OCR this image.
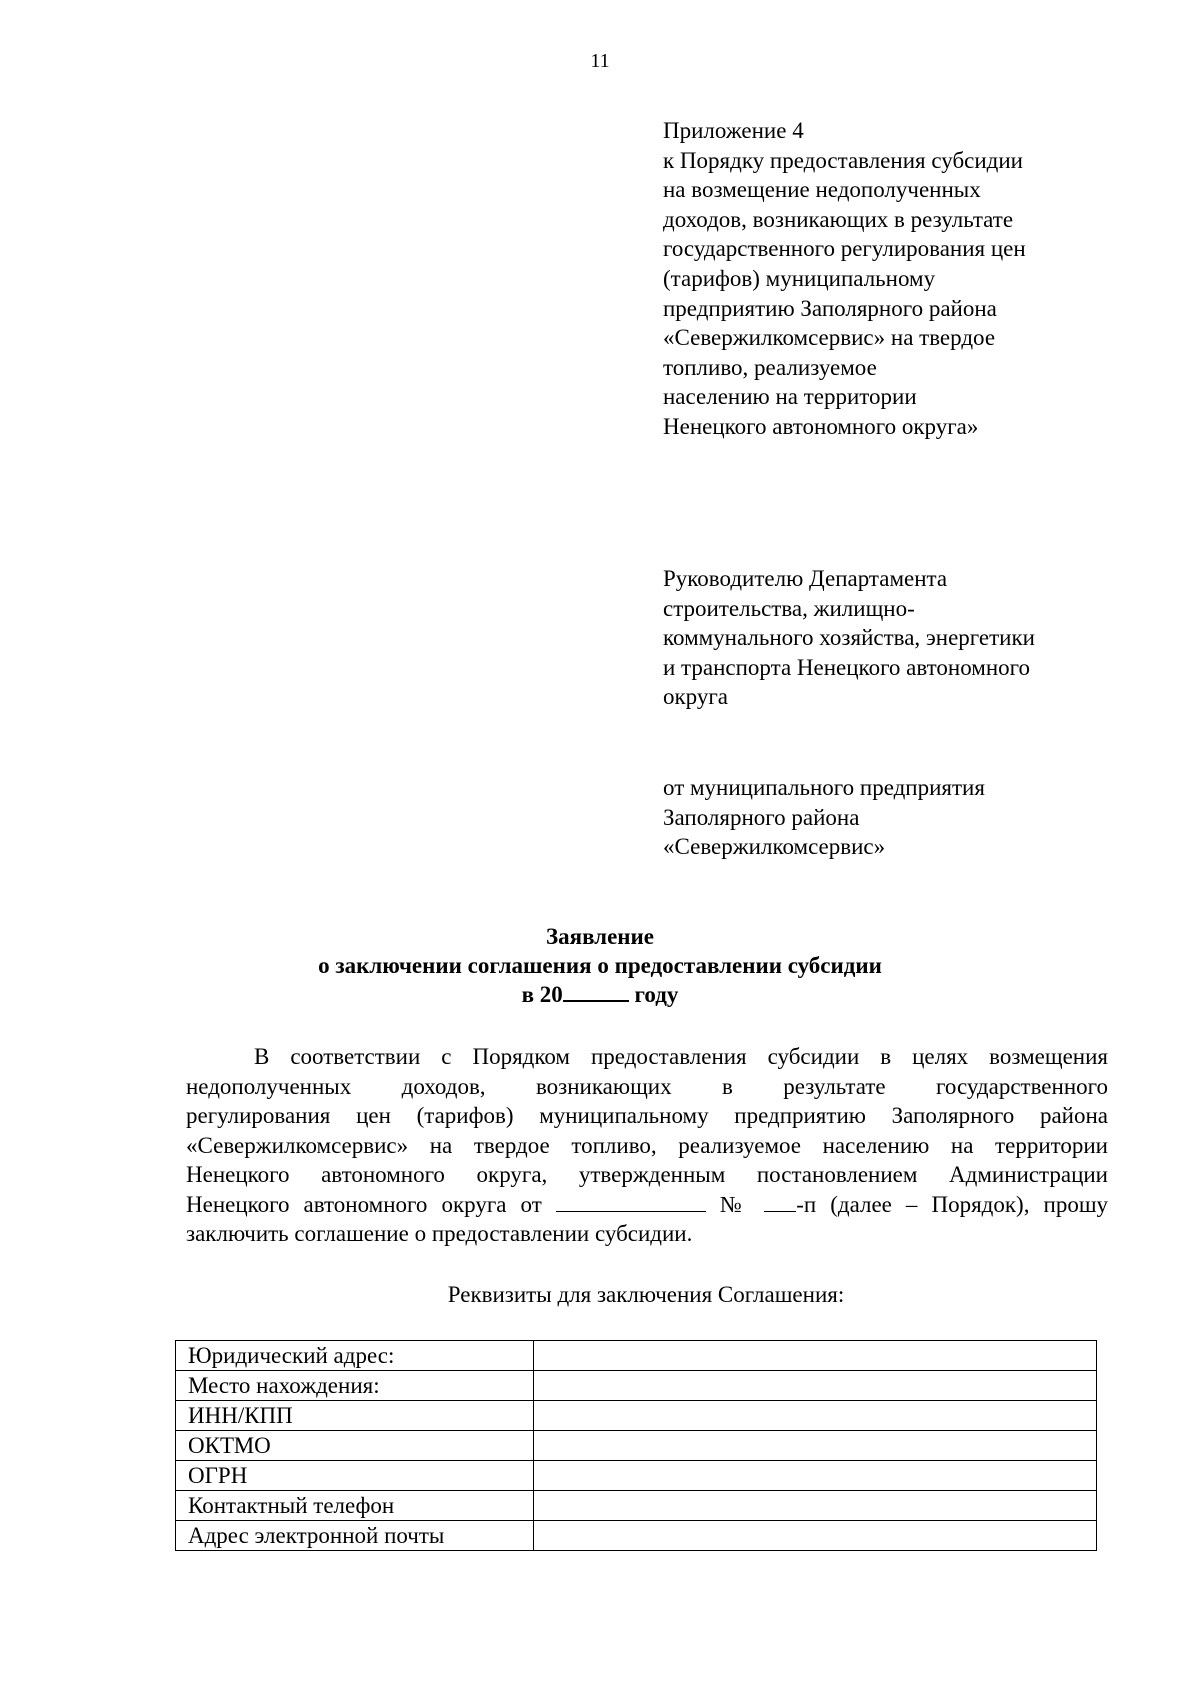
11
Приложение 4
к Порядку предоставления субсидии
на возмещение недополученных
доходов, возникающих в результате
государственного регулирования цен
(тарифов) муниципальному
предприятию Заполярного района
«Севержилкомсервис» на твердое
топливо, реализуемое
населению на территории
Ненецкого автономного округа»
Руководителю Департамента
строительства, жилищно-
коммунального хозяйства, энергетики
и транспорта Ненецкого автономного
округа
от муниципального предприятия
Заполярного района
«Севержилкомсервис»
Заявление
о заключении соглашения о предоставлении субсидии
в 20	году
В соответствии с Порядком предоставления субсидии в целях возмещения
недополученных доходов, возникающих в результате государственного
регулирования цен (тарифов) муниципальному предприятию Заполярного района
«Севержилкомсервис» на твердое топливо, реализуемое населению на территории
Ненецкого автономного округа, утвержденным постановлением Администрации
Ненецкого автономного округа от	№ -п (далее – Порядок), прошу
заключить соглашение о предоставлении субсидии.
Реквизиты для заключения Соглашения:
Юридический адрес:	
Место нахождения:	
ИНН/КПП	
ОКТМО	
ОГРН	
Контактный телефон	
Адрес электронной почты	
